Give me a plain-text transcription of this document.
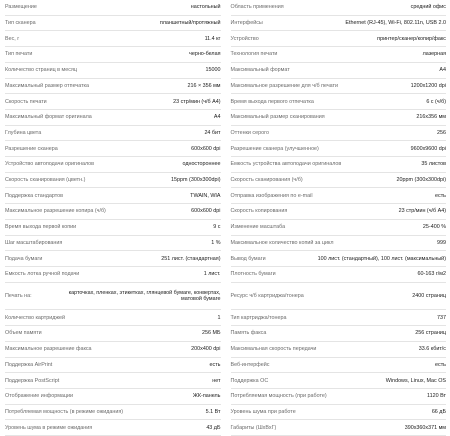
Размещение	настольный
Тип сканера	планшетный/протяжный
Вес, г	11.4 кг
Тип печати	черно-белая
Количество страниц в месяц	15000
Максимальный размер отпечатка	216 × 356 мм
Скорость печати	23 стр/мин (ч/б А4)
Максимальный формат оригинала	А4
Глубина цвета	24 бит
Разрешение сканера	600x600 dpi
Устройство автоподачи оригиналов	одностороннее
Скорость сканирования (цветн.)	15ppm (300x300dpi)
Поддержка стандартов	TWAIN, WIA
Максимальное разрешение копира (ч/б)	600x600 dpi
Время выхода первой копии	9 с
Шаг масштабирования	1 %
Подача бумаги	251 лист. (стандартная)
Емкость лотка ручной подачи	1 лист.
Печать на:	карточках, пленках, этикетках, глянцевой бумаге, конвертах, матовой бумаге
Количество картриджей	1
Объем памяти	256 МБ
Максимальное разрешение факса	200x400 dpi
Поддержка AirPrint	есть
Поддержка PostScript	нет
Отображение информации	ЖК-панель
Потребляемая мощность (в режиме ожидания)	5.1 Вт
Уровень шума в режиме ожидания	43 дБ
Область применения	средний офис
Интерфейсы	Ethernet (RJ-45), Wi-Fi, 802.11n, USB 2.0
Устройство	принтер/сканер/копир/факс
Технология печати	лазерная
Максимальный формат	А4
Максимальное разрешение для ч/б печати	1200x1200 dpi
Время выхода первого отпечатка	6 с (ч/б)
Максимальный размер сканирования	216x356 мм
Оттенки серого	256
Разрешение сканера (улучшенное)	9600x9600 dpi
Емкость устройства автоподачи оригиналов	35 листов
Скорость сканирования (ч/б)	20ppm (300x300dpi)
Отправка изображения по e-mail	есть
Скорость копирования	23 стр/мин (ч/б А4)
Изменение масштаба	25-400 %
Максимальное количество копий за цикл	999
Вывод бумаги	100 лист. (стандартный), 100 лист. (максимальный)
Плотность бумаги	60-163 г/м2
Ресурс ч/б картриджа/тонера	2400 страниц
Тип картриджа/тонера	737
Память факса	256 страниц
Максимальная скорость передачи	33.6 кбит/с
Веб-интерфейс	есть
Поддержка ОС	Windows, Linux, Mac OS
Потребляемая мощность (при работе)	1120 Вт
Уровень шума при работе	66 дБ
Габариты (ШхВхГ)	390x360x371 мм
